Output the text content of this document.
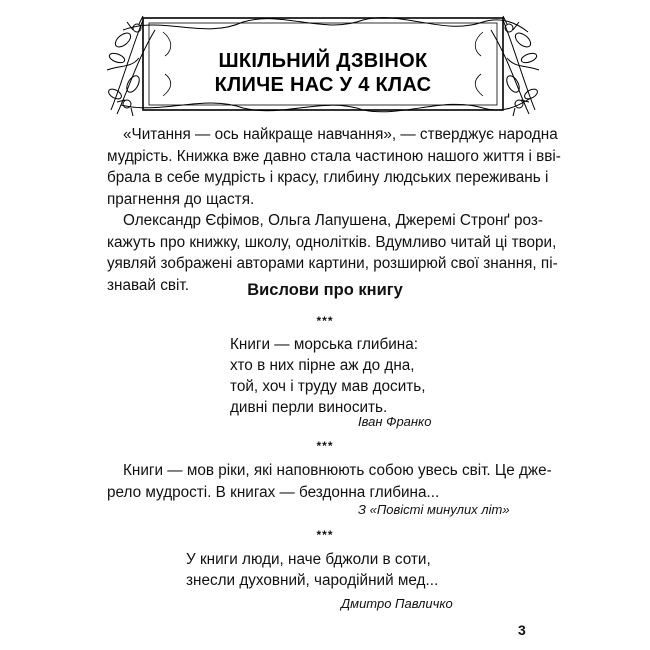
ШКІЛЬНИЙ ДЗВІНОК
КЛИЧЕ НАС У 4 КЛАС
«Читання — ось найкраще навчання», — стверджує народна
мудрість. Книжка вже давно стала частиною нашого життя і вві-
брала в себе мудрість і красу, глибину людських переживань і
прагнення до щастя.
Олександр Єфімов, Ольга Лапушена, Джеремі Стронґ роз-
кажуть про книжку, школу, однолітків. Вдумливо читай ці твори,
уявляй зображені авторами картини, розширюй свої знання, пі-
знавай світ.	Вислови про книгу
***
Книги — морська глибина:
хто в них пірне аж до дна,
той, хоч і труду мав досить,
дивні перли виносить.
Іван Франко
***
Книги — мов ріки, які наповнюють собою увесь світ. Це дже-
рело мудрості. В книгах — бездонна глибина...
З «Повісті минулих літ»
***
У книги люди, наче бджоли в соти,
знесли духовний, чародійний мед...
Дмитро Павличко
3
